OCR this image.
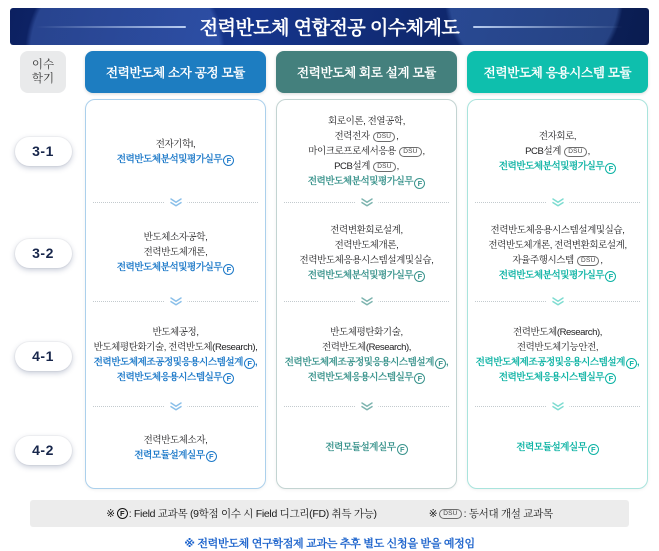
전력반도체 연합전공 이수체계도
이수
학기
3-1
3-2
4-1
4-2
전력반도체 소자 공정 모듈
전자기학I,
전력반도체분석및평가실무 F
반도체소자공학,
전력반도체개론,
전력반도체분석및평가실무 F
반도체공정,
반도체평탄화기술, 전력반도체(Research),
전력반도체제조공정및응용시스템설계 F ,
전력반도체응용시스템실무 F
전력반도체소자,
전력모듈설계실무 F
전력반도체 회로 설계 모듈
회로이론, 전열공학,
전력전자 DSU ,
마이크로프로세서응용 DSU ,
PCB설계 DSU ,
전력반도체분석및평가실무 F
전력변환회로설계,
전력반도체개론,
전력반도체응용시스템설계및실습,
전력반도체분석및평가실무 F
반도체평탄화기술,
전력반도체(Research),
전력반도체제조공정및응용시스템설계 F ,
전력반도체응용시스템실무 F
전력모듈설계실무 F
전력반도체 응용시스템 모듈
전자회로,
PCB설계 DSU ,
전력반도체분석및평가실무 F
전력반도체응용시스템설계및실습,
전력반도체개론, 전력변환회로설계,
자율주행시스템 DSU ,
전력반도체분석및평가실무 F
전력반도체(Research),
전력반도체기능안전,
전력반도체제조공정및응용시스템설계 F ,
전력반도체응용시스템실무 F
전력모듈설계실무 F
※ F : Field 교과목 (9학점 이수 시 Field 디그리(FD) 취득 가능)	※ DSU : 동서대 개설 교과목
※ 전력반도체 연구학점제 교과는 추후 별도 신청을 받을 예정임
